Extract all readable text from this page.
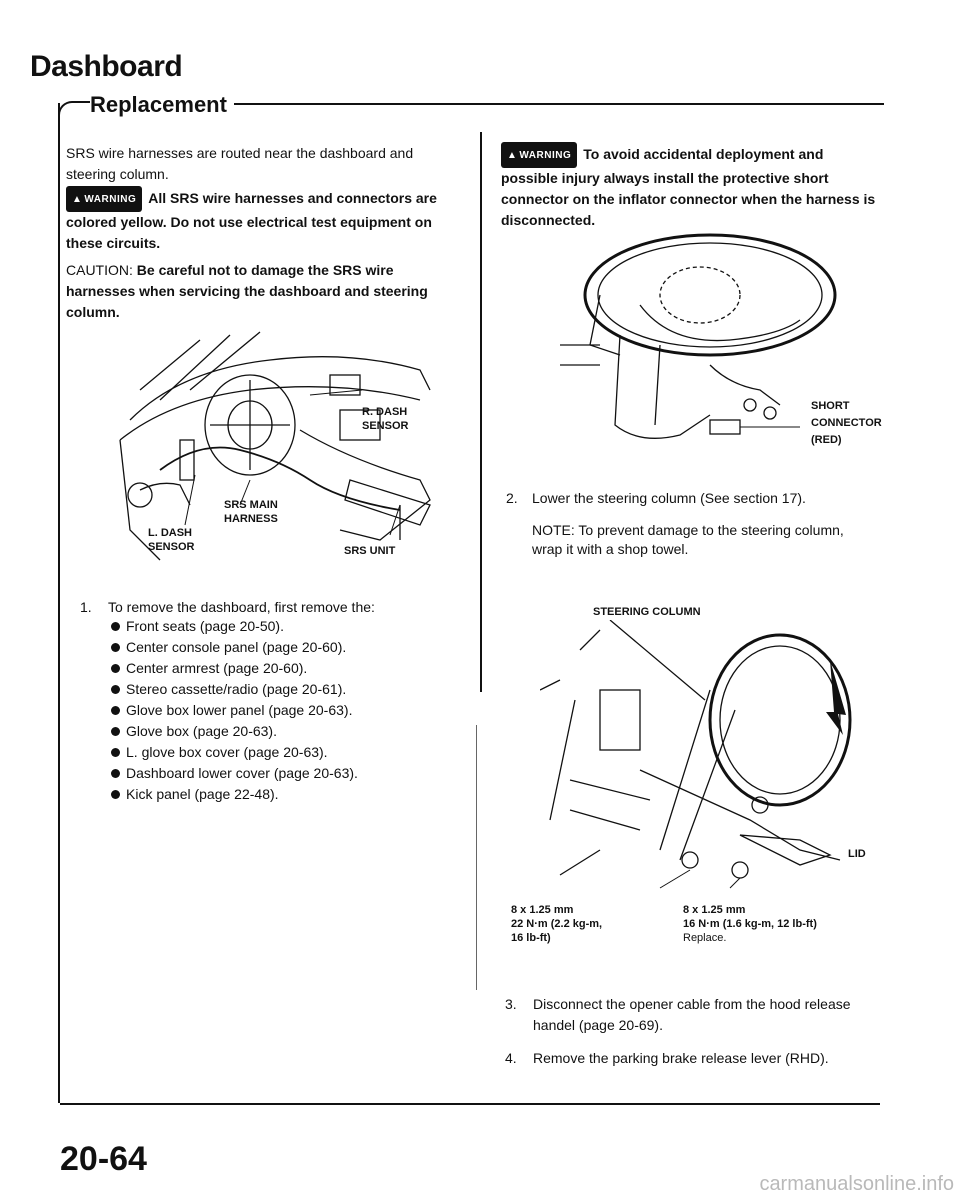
Dashboard
Replacement
SRS wire harnesses are routed near the dashboard and steering column.
▲ WARNING All SRS wire harnesses and connectors are colored yellow. Do not use electrical test equipment on these circuits.
CAUTION: Be careful not to damage the SRS wire harnesses when servicing the dashboard and steering column.
R. DASH
SENSOR
SRS MAIN
HARNESS
L. DASH
SENSOR	SRS UNIT
1. To remove the dashboard, first remove the:
Front seats (page 20-50).
Center console panel (page 20-60).
Center armrest (page 20-60).
Stereo cassette/radio (page 20-61).
Glove box lower panel (page 20-63).
Glove box (page 20-63).
L. glove box cover (page 20-63).
Dashboard lower cover (page 20-63).
Kick panel (page 22-48).
▲ WARNING To avoid accidental deployment and possible injury always install the protective short connector on the inflator connector when the harness is disconnected.
SHORT
CONNECTOR
(RED)
2. Lower the steering column (See section 17).
NOTE: To prevent damage to the steering column, wrap it with a shop towel.
STEERING COLUMN
LID
8 x 1.25 mm
22 N·m (2.2 kg-m,
16 lb-ft)
8 x 1.25 mm
16 N·m (1.6 kg-m, 12 lb-ft)
Replace.
3. Disconnect the opener cable from the hood release handel (page 20-69).
4. Remove the parking brake release lever (RHD).
20-64
carmanualsonline.info
